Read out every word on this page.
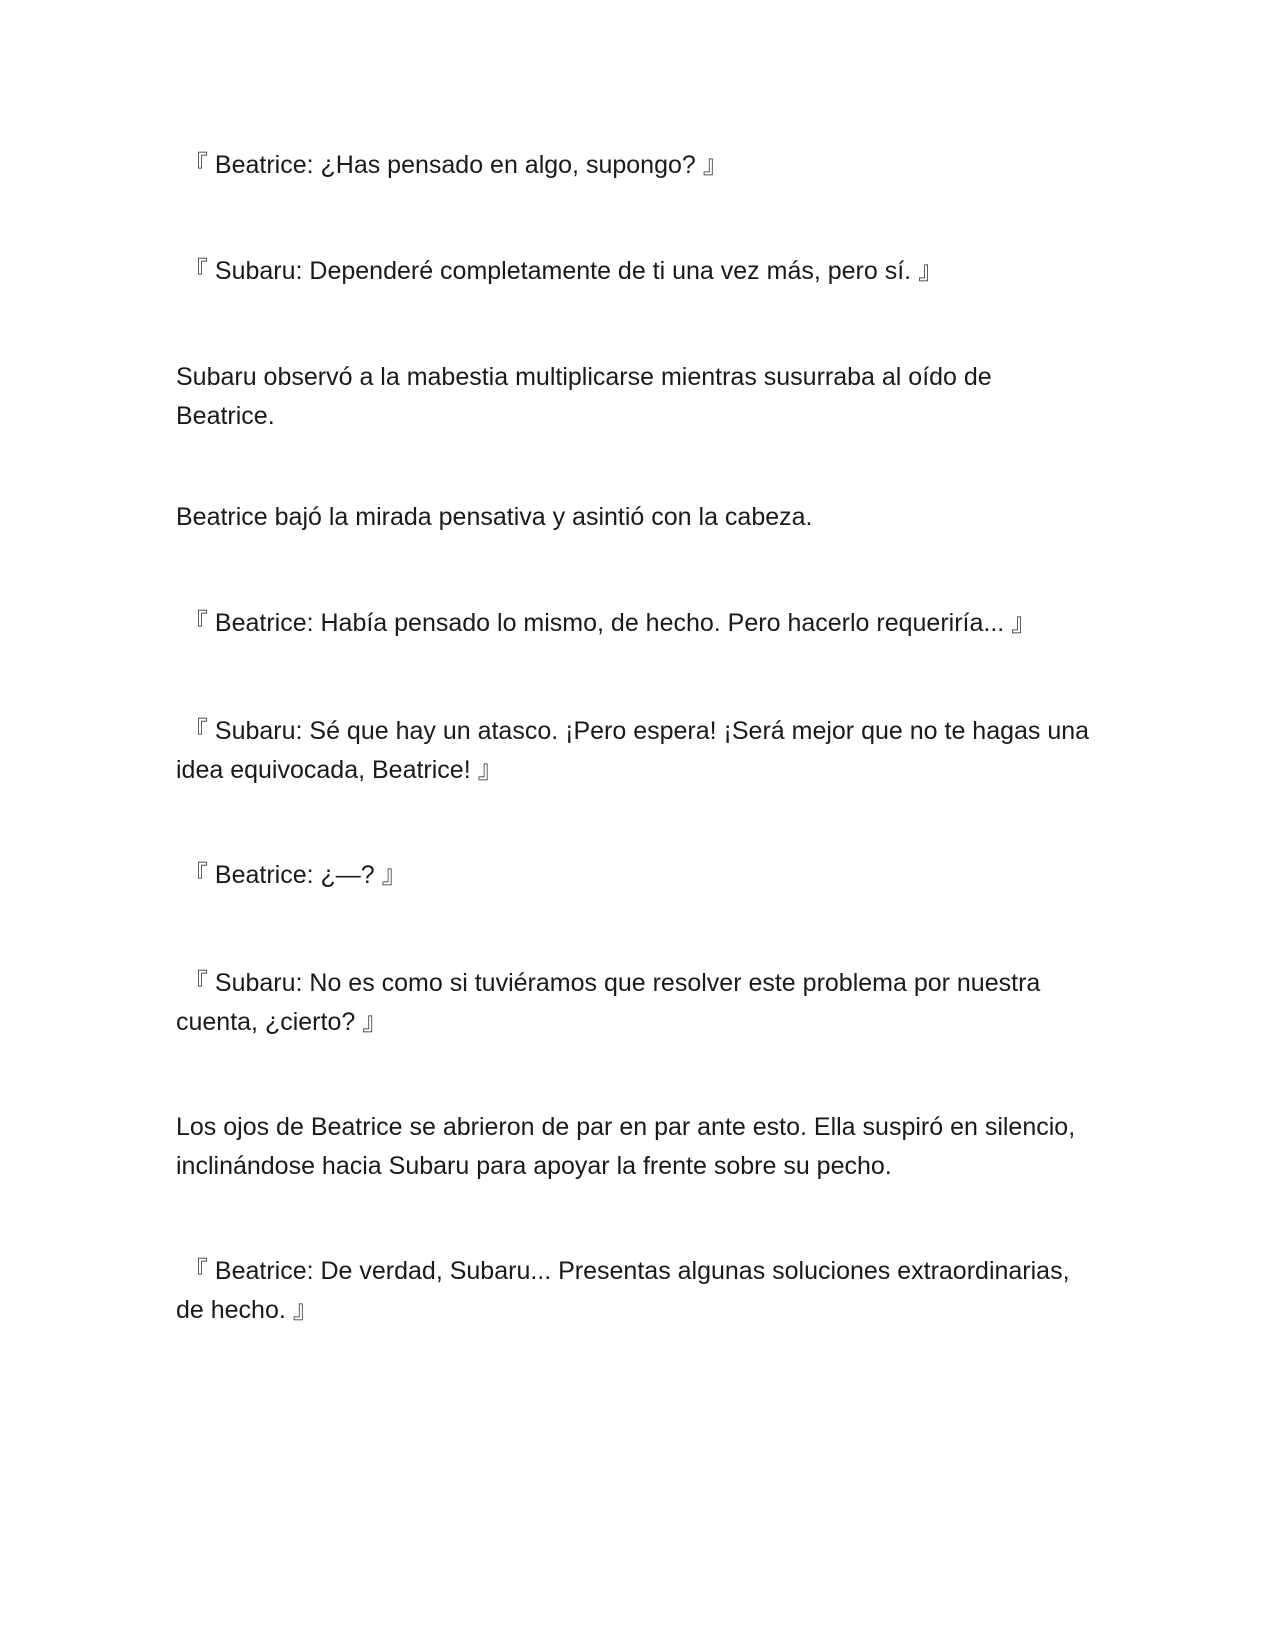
『 Beatrice: ¿Has pensado en algo, supongo? 』

『 Subaru: Dependeré completamente de ti una vez más, pero sí. 』

Subaru observó a la mabestia multiplicarse mientras susurraba al oído de Beatrice.

Beatrice bajó la mirada pensativa y asintió con la cabeza.

『 Beatrice: Había pensado lo mismo, de hecho. Pero hacerlo requeriría... 』

『 Subaru: Sé que hay un atasco. ¡Pero espera! ¡Será mejor que no te hagas una idea equivocada, Beatrice! 』

『 Beatrice: ¿—? 』

『 Subaru: No es como si tuviéramos que resolver este problema por nuestra cuenta, ¿cierto? 』

Los ojos de Beatrice se abrieron de par en par ante esto. Ella suspiró en silencio, inclinándose hacia Subaru para apoyar la frente sobre su pecho.

『 Beatrice: De verdad, Subaru... Presentas algunas soluciones extraordinarias, de hecho. 』
